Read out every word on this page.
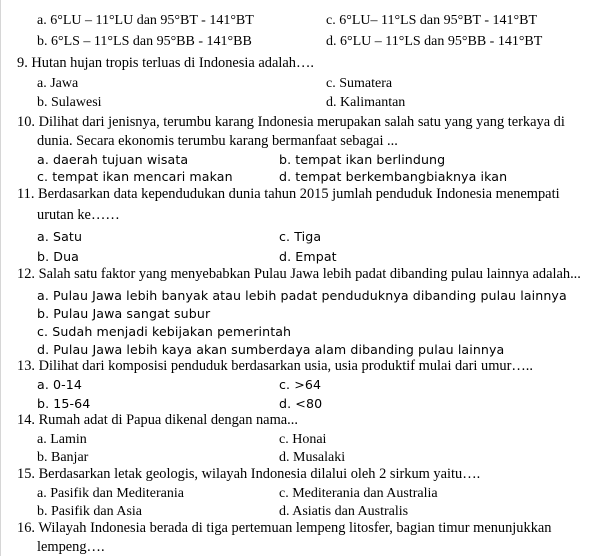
a. 6°LU – 11°LU dan 95°BT - 141°BT	c. 6°LU– 11°LS dan 95°BT - 141°BT
b. 6°LS – 11°LS dan 95°BB - 141°BB	d. 6°LU – 11°LS dan 95°BB - 141°BT
9. Hutan hujan tropis terluas di Indonesia adalah….
a. Jawa	c. Sumatera
b. Sulawesi	d. Kalimantan
10. Dilihat dari jenisnya, terumbu karang Indonesia merupakan salah satu yang yang terkaya di
dunia. Secara ekonomis terumbu karang bermanfaat sebagai ...
a. daerah tujuan wisata	b. tempat ikan berlindung
c. tempat ikan mencari makan	d. tempat berkembangbiaknya ikan
11. Berdasarkan data kependudukan dunia tahun 2015 jumlah penduduk Indonesia menempati
urutan ke……
a. Satu	c. Tiga
b. Dua	d. Empat
12. Salah satu faktor yang menyebabkan Pulau Jawa lebih padat dibanding pulau lainnya adalah...
a. Pulau Jawa lebih banyak atau lebih padat penduduknya dibanding pulau lainnya
b. Pulau Jawa sangat subur
c. Sudah menjadi kebijakan pemerintah
d. Pulau Jawa lebih kaya akan sumberdaya alam dibanding pulau lainnya
13. Dilihat dari komposisi penduduk berdasarkan usia, usia produktif mulai dari umur…..
a. 0-14	c. >64
b. 15-64	d. <80
14. Rumah adat di Papua dikenal dengan nama...
a. Lamin	c. Honai
b. Banjar	d. Musalaki
15. Berdasarkan letak geologis, wilayah Indonesia dilalui oleh 2 sirkum yaitu….
a. Pasifik dan Mediterania	c. Mediterania dan Australia
b. Pasifik dan Asia	d. Asiatis dan Australis
16. Wilayah Indonesia berada di tiga pertemuan lempeng litosfer, bagian timur menunjukkan
lempeng….
